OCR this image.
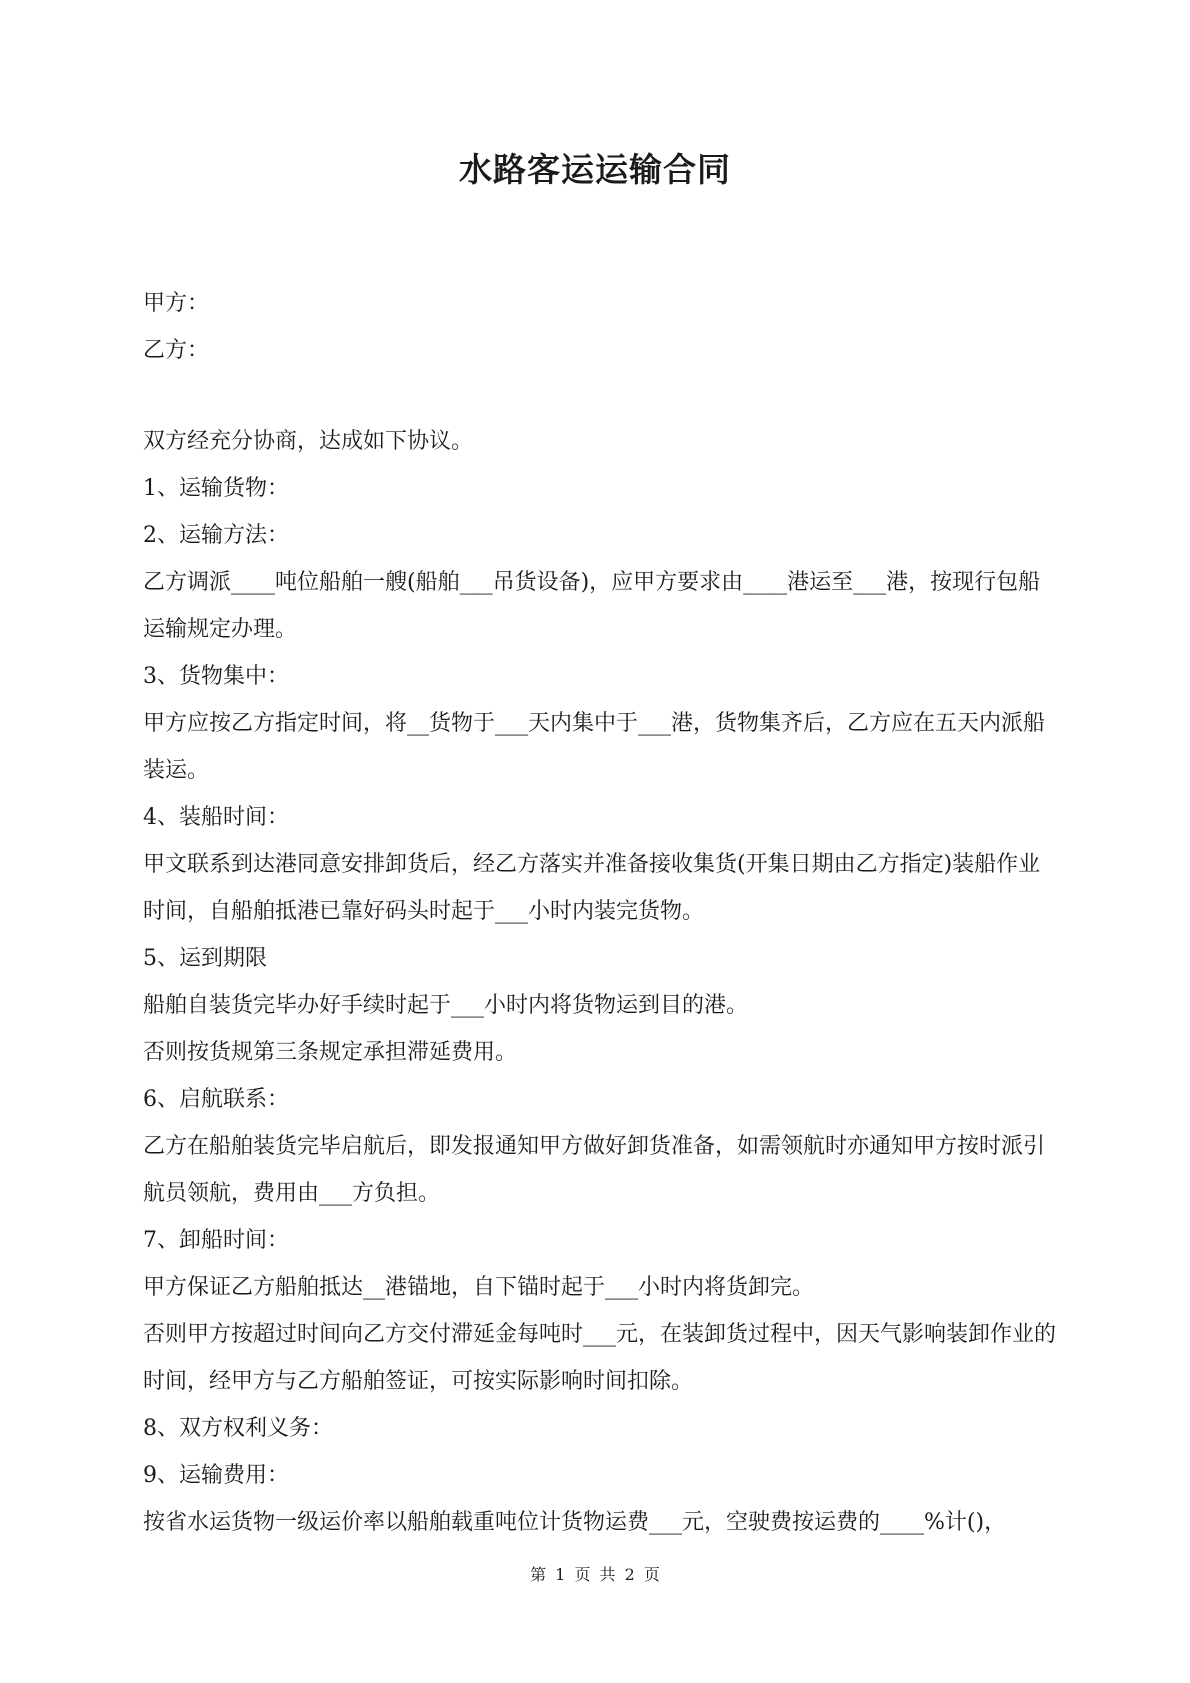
水路客运运输合同

甲方：

乙方：

双方经充分协商，达成如下协议。

1、运输货物：

2、运输方法：

乙方调派____吨位船舶一艘(船舶___吊货设备)，应甲方要求由____港运至___港，按现行包船运输规定办理。

3、货物集中：

甲方应按乙方指定时间，将__货物于___天内集中于___港，货物集齐后，乙方应在五天内派船装运。

4、装船时间：

甲文联系到达港同意安排卸货后，经乙方落实并准备接收集货(开集日期由乙方指定)装船作业时间，自船舶抵港已靠好码头时起于___小时内装完货物。

5、运到期限

船舶自装货完毕办好手续时起于___小时内将货物运到目的港。

否则按货规第三条规定承担滞延费用。

6、启航联系：

乙方在船舶装货完毕启航后，即发报通知甲方做好卸货准备，如需领航时亦通知甲方按时派引航员领航，费用由___方负担。

7、卸船时间：

甲方保证乙方船舶抵达__港锚地，自下锚时起于___小时内将货卸完。

否则甲方按超过时间向乙方交付滞延金每吨时___元，在装卸货过程中，因天气影响装卸作业的时间，经甲方与乙方船舶签证，可按实际影响时间扣除。

8、双方权利义务：

9、运输费用：

按省水运货物一级运价率以船舶载重吨位计货物运费___元，空驶费按运费的____%计()，

第 1 页 共 2 页
